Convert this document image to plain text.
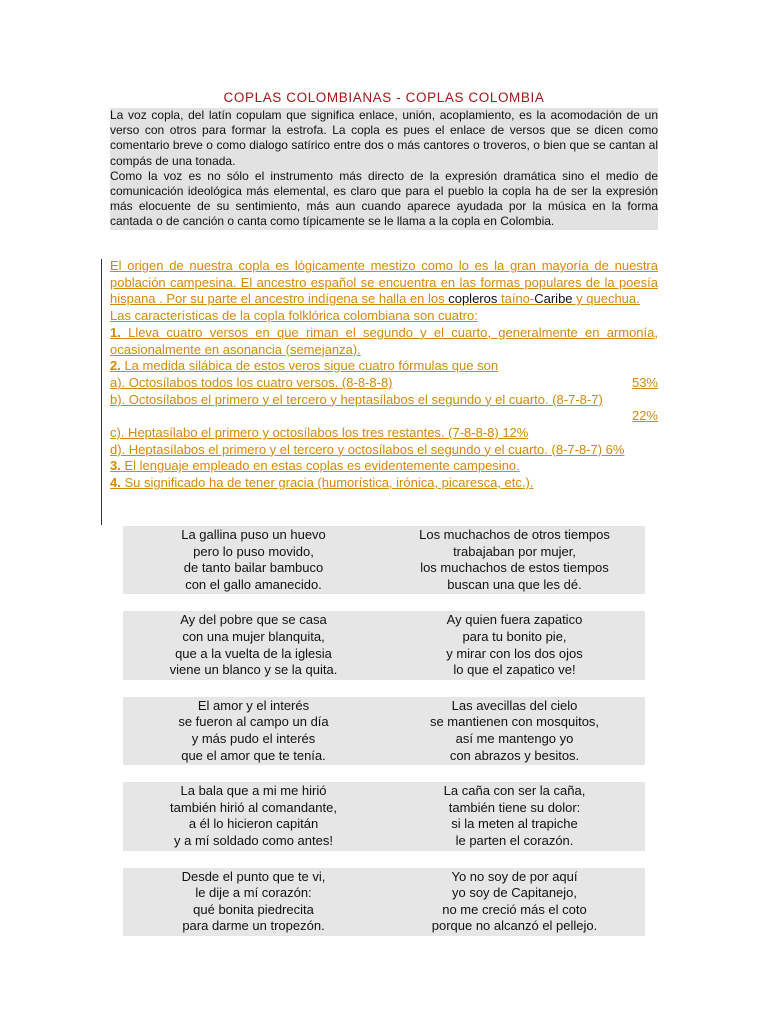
COPLAS COLOMBIANAS - COPLAS COLOMBIA

La voz copla, del latín copulam que significa enlace, unión, acoplamiento, es la acomodación de un verso con otros para formar la estrofa. La copla es pues el enlace de versos que se dicen como comentario breve o como dialogo satírico entre dos o más cantores o troveros, o bien que se cantan al compás de una tonada.

Como la voz es no sólo el instrumento más directo de la expresión dramática sino el medio de comunicación ideológica más elemental, es claro que para el pueblo la copla ha de ser la expresión más elocuente de su sentimiento, más aun cuando aparece ayudada por la música en la forma cantada o de canción o canta como típicamente se le llama a la copla en Colombia.

El origen de nuestra copla es lógicamente mestizo como lo es la gran mayoría de nuestra población campesina. El ancestro español se encuentra en las formas populares de la poesía hispana . Por su parte el ancestro indígena se halla en los copleros taíno-Caribe y quechua.

Las características de la copla folklórica colombiana son cuatro:

1. Lleva cuatro versos en que riman el segundo y el cuarto, generalmente en armonía, ocasionalmente en asonancia (semejanza).

2. La medida silábica de estos veros sigue cuatro fórmulas que son

a). Octosílabos todos los cuatro versos. (8-8-8-8)	53%

b). Octosílabos el primero y el tercero y heptasílabos el segundo y el cuarto. (8-7-8-7)

22%

c). Heptasílabo el primero y octosílabos los tres restantes. (7-8-8-8) 12%

d). Heptasílabos el primero y el tercero y octosílabos el segundo y el cuarto. (8-7-8-7) 6%

3. El lenguaje empleado en estas coplas es evidentemente campesino.

4. Su significado ha de tener gracia (humorística, irónica, picaresca, etc.).

La gallina puso un huevo
pero lo puso movido,
de tanto bailar bambuco
con el gallo amanecido.
Los muchachos de otros tiempos
trabajaban por mujer,
los muchachos de estos tiempos
buscan una que les dé.
Ay del pobre que se casa
con una mujer blanquita,
que a la vuelta de la iglesia
viene un blanco y se la quita.
Ay quien fuera zapatico
para tu bonito pie,
y mirar con los dos ojos
lo que el zapatico ve!
El amor y el interés
se fueron al campo un día
y más pudo el interés
que el amor que te tenía.
Las avecillas del cielo
se mantienen con mosquitos,
así me mantengo yo
con abrazos y besitos.
La bala que a mi me hirió
también hirió al comandante,
a él lo hicieron capitán
y a mí soldado como antes!
La caña con ser la caña,
también tiene su dolor:
si la meten al trapiche
le parten el corazón.
Desde el punto que te vi,
le dije a mí corazón:
qué bonita piedrecita
para darme un tropezón.
Yo no soy de por aquí
yo soy de Capitanejo,
no me creció más el coto
porque no alcanzó el pellejo.
